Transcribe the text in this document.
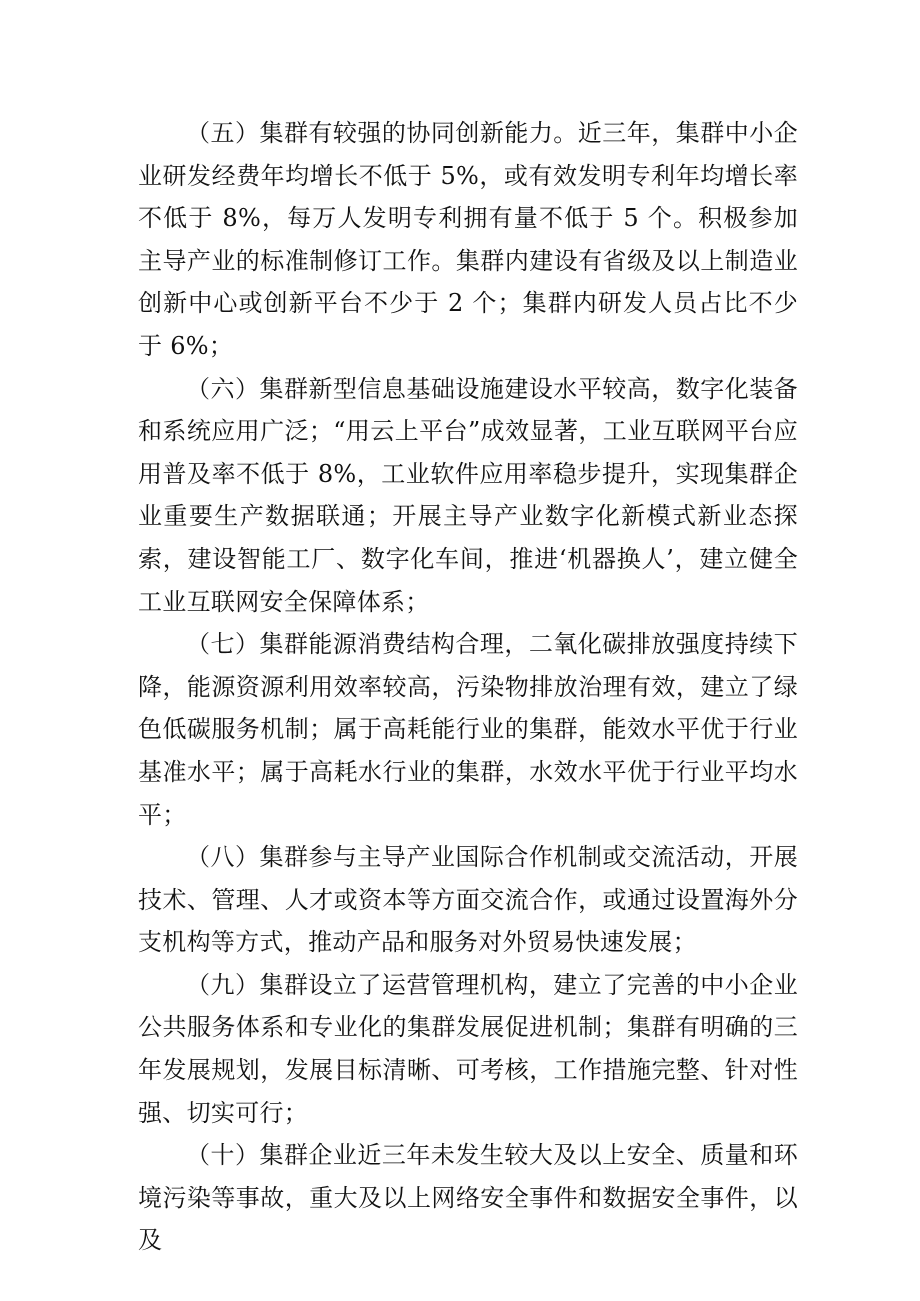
（五）集群有较强的协同创新能力。近三年，集群中小企业研发经费年均增长不低于 5%，或有效发明专利年均增长率不低于 8%，每万人发明专利拥有量不低于 5 个。积极参加主导产业的标准制修订工作。集群内建设有省级及以上制造业创新中心或创新平台不少于 2 个；集群内研发人员占比不少于 6%；

（六）集群新型信息基础设施建设水平较高，数字化装备和系统应用广泛；“用云上平台”成效显著，工业互联网平台应用普及率不低于 8%，工业软件应用率稳步提升，实现集群企业重要生产数据联通；开展主导产业数字化新模式新业态探索，建设智能工厂、数字化车间，推进‘机器换人’，建立健全工业互联网安全保障体系；

（七）集群能源消费结构合理，二氧化碳排放强度持续下降，能源资源利用效率较高，污染物排放治理有效，建立了绿色低碳服务机制；属于高耗能行业的集群，能效水平优于行业基准水平；属于高耗水行业的集群，水效水平优于行业平均水平；

（八）集群参与主导产业国际合作机制或交流活动，开展技术、管理、人才或资本等方面交流合作，或通过设置海外分支机构等方式，推动产品和服务对外贸易快速发展；

（九）集群设立了运营管理机构，建立了完善的中小企业公共服务体系和专业化的集群发展促进机制；集群有明确的三年发展规划，发展目标清晰、可考核，工作措施完整、针对性强、切实可行；

（十）集群企业近三年未发生较大及以上安全、质量和环境污染等事故，重大及以上网络安全事件和数据安全事件，以及
